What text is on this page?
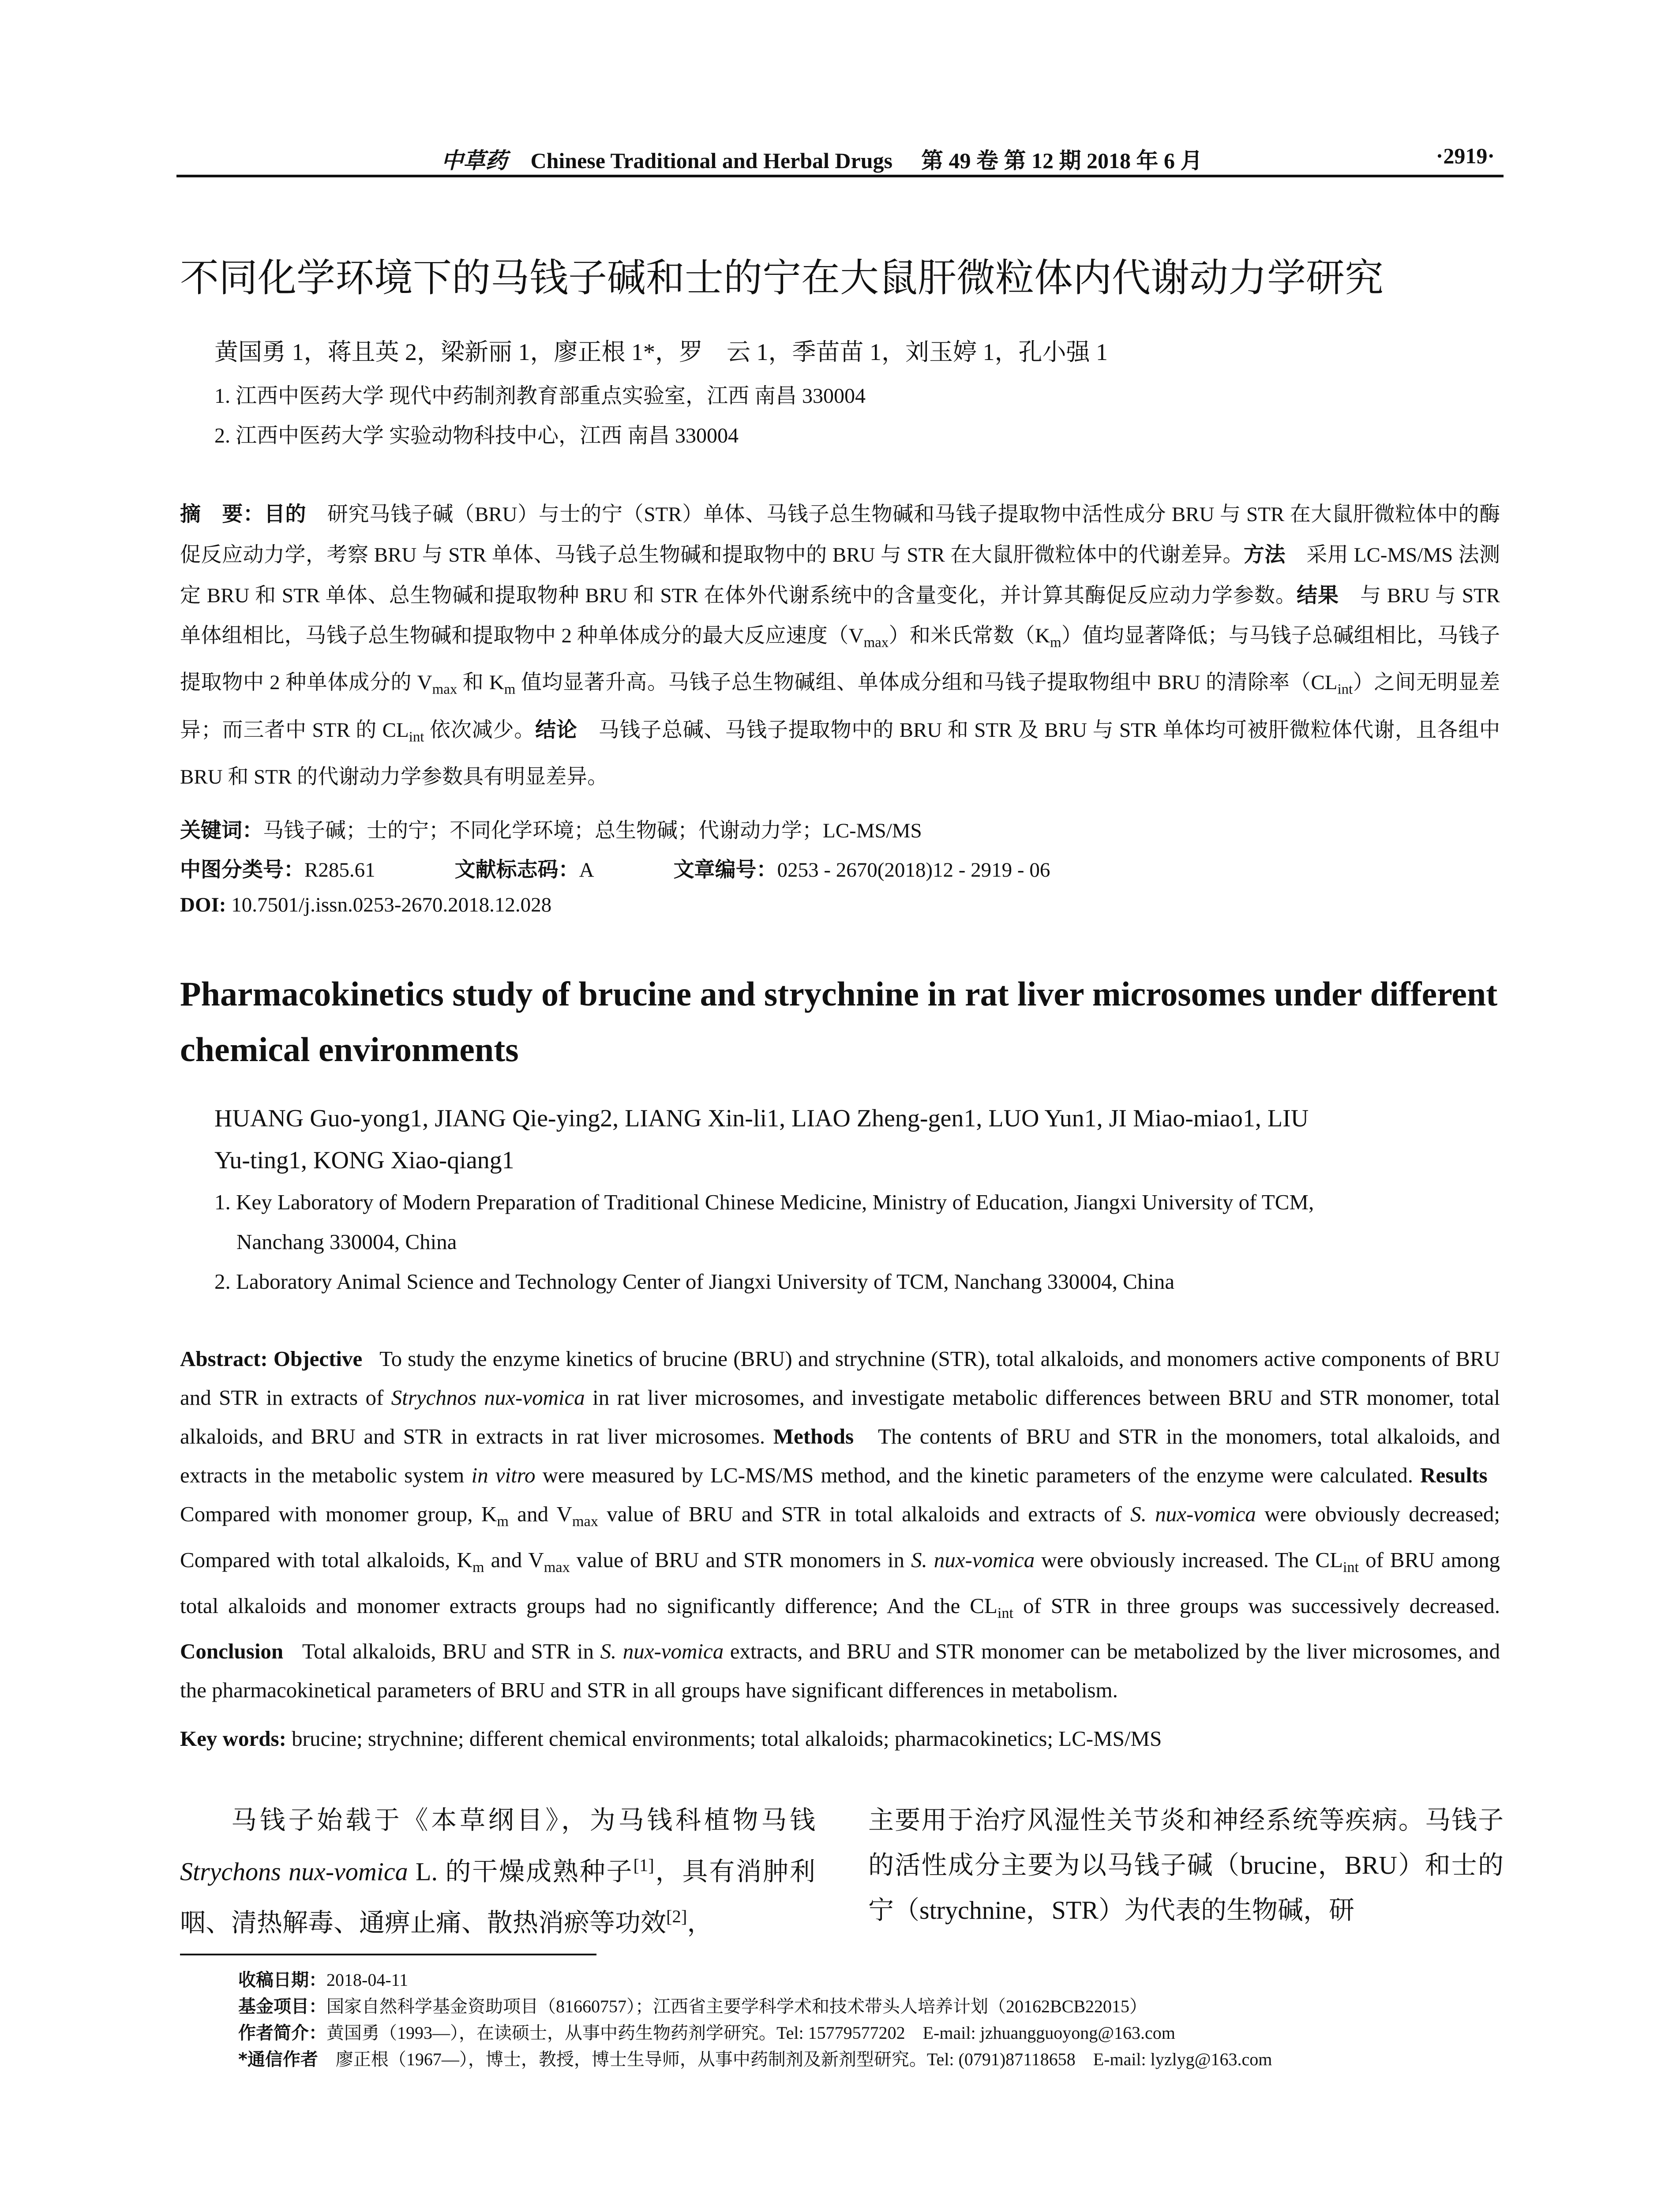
中草药 Chinese Traditional and Herbal Drugs 第 49 卷 第 12 期 2018 年 6 月	·2919·
不同化学环境下的马钱子碱和士的宁在大鼠肝微粒体内代谢动力学研究
黄国勇 1，蒋且英 2，梁新丽 1，廖正根 1*，罗　云 1，季苗苗 1，刘玉婷 1，孔小强 1
1. 江西中医药大学 现代中药制剂教育部重点实验室，江西 南昌 330004
2. 江西中医药大学 实验动物科技中心，江西 南昌 330004
摘　要：目的　 研究马钱子碱（BRU）与士的宁（STR）单体、马钱子总生物碱和马钱子提取物中活性成分 BRU 与 STR 在大鼠肝微粒体中的酶促反应动力学，考察 BRU 与 STR 单体、马钱子总生物碱和提取物中的 BRU 与 STR 在大鼠肝微粒体中的代谢差异。方法　 采用 LC-MS/MS 法测定 BRU 和 STR 单体、总生物碱和提取物种 BRU 和 STR 在体外代谢系统中的含量变化，并计算其酶促反应动力学参数。结果　 与 BRU 与 STR 单体组相比，马钱子总生物碱和提取物中 2 种单体成分的最大反应速度$(V_{max})$和米氏常数$(K_m)$值均显著降低；与马钱子总碱组相比，马钱子提取物中 2 种单体成分的 $V_{max}$ 和 $K_m$ 值均显著升高。马钱子总生物碱组、单体成分组和马钱子提取物组中 BRU 的清除率$(CL_{int})$之间无明显差异；而三者中 STR 的 $CL_{int}$ 依次减少。结论　 马钱子总碱、马钱子提取物中的 BRU 和 STR 及 BRU 与 STR 单体均可被肝微粒体代谢，且各组中 BRU 和 STR 的代谢动力学参数具有明显差异。
关键词：马钱子碱；士的宁；不同化学环境；总生物碱；代谢动力学；LC-MS/MS
中图分类号：R285.61	文献标志码：A	文章编号：0253 - 2670(2018)12 - 2919 - 06
DOI: 10.7501/j.issn.0253-2670.2018.12.028
Pharmacokinetics study of brucine and strychnine in rat liver microsomes under different chemical environments
HUANG Guo-yong1, JIANG Qie-ying2, LIANG Xin-li1, LIAO Zheng-gen1, LUO Yun1, JI Miao-miao1, LIU
Yu-ting1, KONG Xiao-qiang1
1. Key Laboratory of Modern Preparation of Traditional Chinese Medicine, Ministry of Education, Jiangxi University of TCM,
Nanchang 330004, China
2. Laboratory Animal Science and Technology Center of Jiangxi University of TCM, Nanchang 330004, China
Abstract: Objective To study the enzyme kinetics of brucine (BRU) and strychnine (STR), total alkaloids, and monomers active components of BRU and STR in extracts of Strychnos nux-vomica in rat liver microsomes, and investigate metabolic differences between BRU and STR monomer, total alkaloids, and BRU and STR in extracts in rat liver microsomes. Methods The contents of BRU and STR in the monomers, total alkaloids, and extracts in the metabolic system in vitro were measured by LC-MS/MS method, and the kinetic parameters of the enzyme were calculated. Results   Compared with monomer group, $K_m$ and $V_{max}$ value of BRU and STR in total alkaloids and extracts of S. nux-vomica were obviously decreased; Compared with total alkaloids, $K_m$ and $V_{max}$ value of BRU and STR monomers in S. nux-vomica were obviously increased. The $CL_{int}$ of BRU among total alkaloids and monomer extracts groups had no significantly difference; And the $CL_{int}$ of STR in three groups was successively decreased. Conclusion Total alkaloids, BRU and STR in S. nux-vomica extracts, and BRU and STR monomer can be metabolized by the liver microsomes, and the pharmacokinetical parameters of BRU and STR in all groups have significant differences in metabolism.
Key words: brucine; strychnine; different chemical environments; total alkaloids; pharmacokinetics; LC-MS/MS
马钱子始载于《本草纲目》，为马钱科植物马钱 Strychons nux-vomica L. 的干燥成熟种子[1]，具有消肿利咽、清热解毒、通痹止痛、散热消瘀等功效[2]，
主要用于治疗风湿性关节炎和神经系统等疾病。马钱子的活性成分主要为以马钱子碱（brucine，BRU）和士的宁（strychnine，STR）为代表的生物碱，研
收稿日期：2018-04-11
基金项目：国家自然科学基金资助项目（81660757）；江西省主要学科学术和技术带头人培养计划（20162BCB22015）
作者简介：黄国勇（1993—），在读硕士，从事中药生物药剂学研究。Tel: 15779577202　E-mail: jzhuangguoyong@163.com
*通信作者　 廖正根（1967—），博士，教授，博士生导师，从事中药制剂及新剂型研究。Tel: (0791)87118658　E-mail: lyzlyg@163.com
